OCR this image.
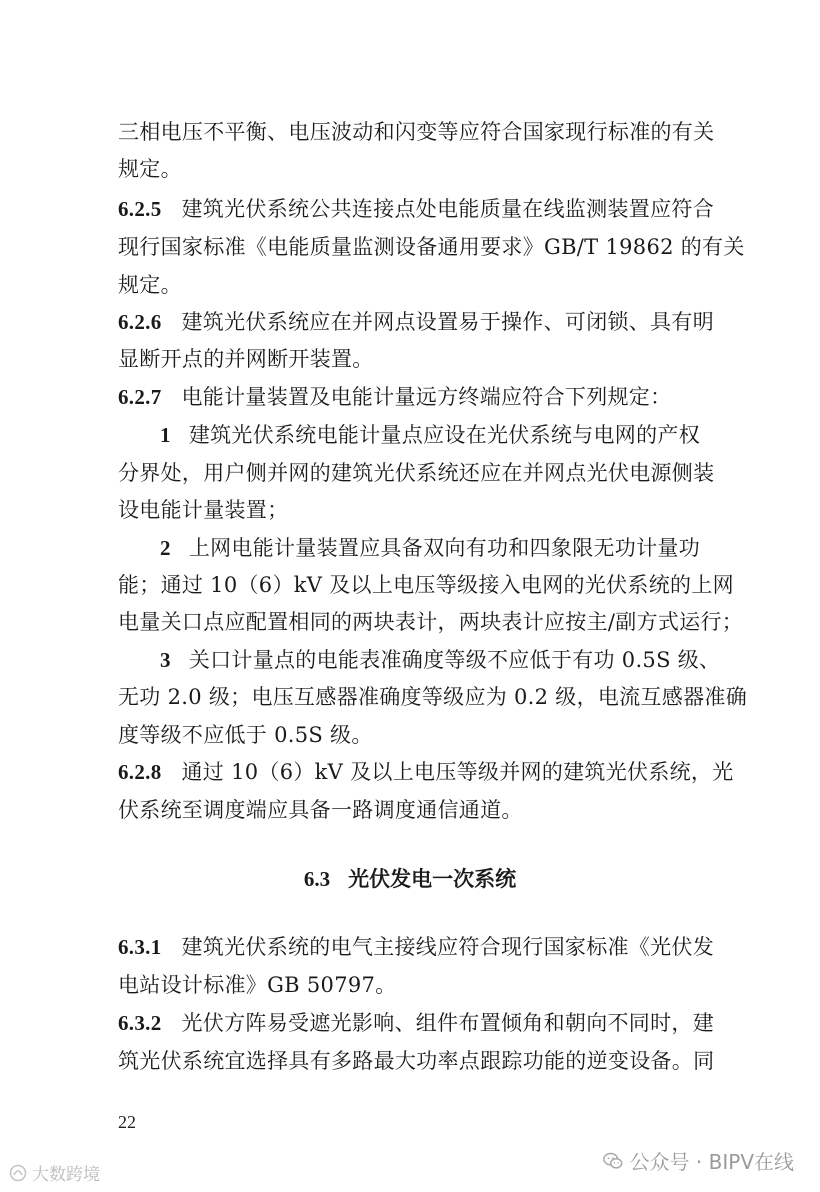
三相电压不平衡、电压波动和闪变等应符合国家现行标准的有关
规定。
6.2.5 建筑光伏系统公共连接点处电能质量在线监测装置应符合
现行国家标准《电能质量监测设备通用要求》GB/T 19862 的有关
规定。
6.2.6 建筑光伏系统应在并网点设置易于操作、可闭锁、具有明
显断开点的并网断开装置。
6.2.7 电能计量装置及电能计量远方终端应符合下列规定：
1 建筑光伏系统电能计量点应设在光伏系统与电网的产权
分界处，用户侧并网的建筑光伏系统还应在并网点光伏电源侧装
设电能计量装置；
2 上网电能计量装置应具备双向有功和四象限无功计量功
能；通过 10（6）kV 及以上电压等级接入电网的光伏系统的上网
电量关口点应配置相同的两块表计，两块表计应按主/副方式运行；
3 关口计量点的电能表准确度等级不应低于有功 0.5S 级、
无功 2.0 级；电压互感器准确度等级应为 0.2 级，电流互感器准确
度等级不应低于 0.5S 级。
6.2.8 通过 10（6）kV 及以上电压等级并网的建筑光伏系统，光
伏系统至调度端应具备一路调度通信通道。
6.3 光伏发电一次系统
6.3.1 建筑光伏系统的电气主接线应符合现行国家标准《光伏发
电站设计标准》GB 50797。
6.3.2 光伏方阵易受遮光影响、组件布置倾角和朝向不同时，建
筑光伏系统宜选择具有多路最大功率点跟踪功能的逆变设备。同
22
公众号 · BIPV在线
大数跨境
